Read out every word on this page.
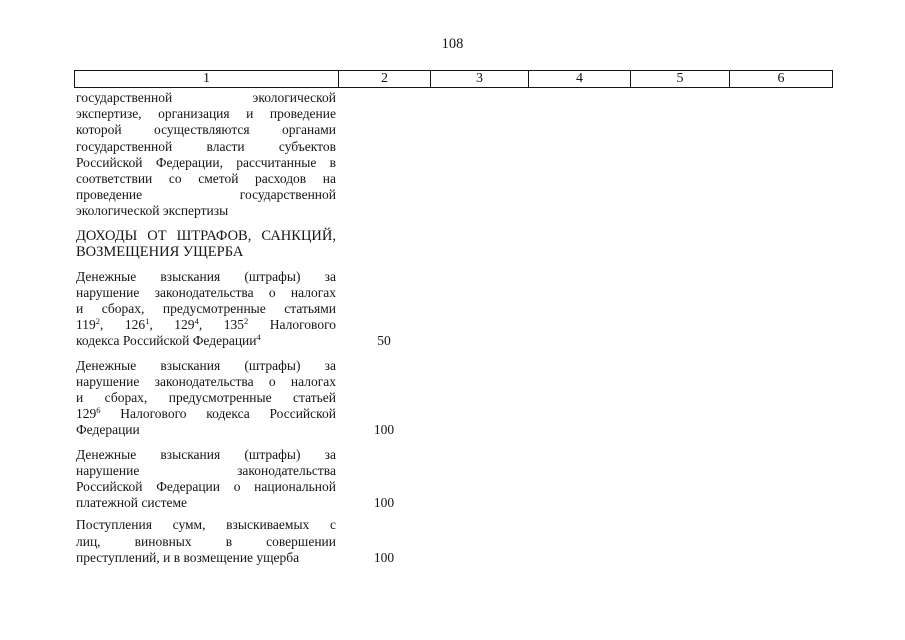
108
1	2	3	4	5	6
государственной экологической
экспертизе, организация и проведение
которой осуществляются органами
государственной власти субъектов
Российской Федерации, рассчитанные в
соответствии со сметой расходов на
проведение государственной
экологической экспертизы
ДОХОДЫ ОТ ШТРАФОВ, САНКЦИЙ,
ВОЗМЕЩЕНИЯ УЩЕРБА
Денежные взыскания (штрафы) за
нарушение законодательства о налогах
и сборах, предусмотренные статьями
$119^2$, $126^1$, $129^4$, $135^2$ Налогового
кодекса Российской Федерации$^4$	50
Денежные взыскания (штрафы) за
нарушение законодательства о налогах
и сборах, предусмотренные статьей
$129^6$ Налогового кодекса Российской
Федерации	100
Денежные взыскания (штрафы) за
нарушение законодательства
Российской Федерации о национальной
платежной системе	100
Поступления сумм, взыскиваемых с
лиц, виновных в совершении
преступлений, и в возмещение ущерба	100
